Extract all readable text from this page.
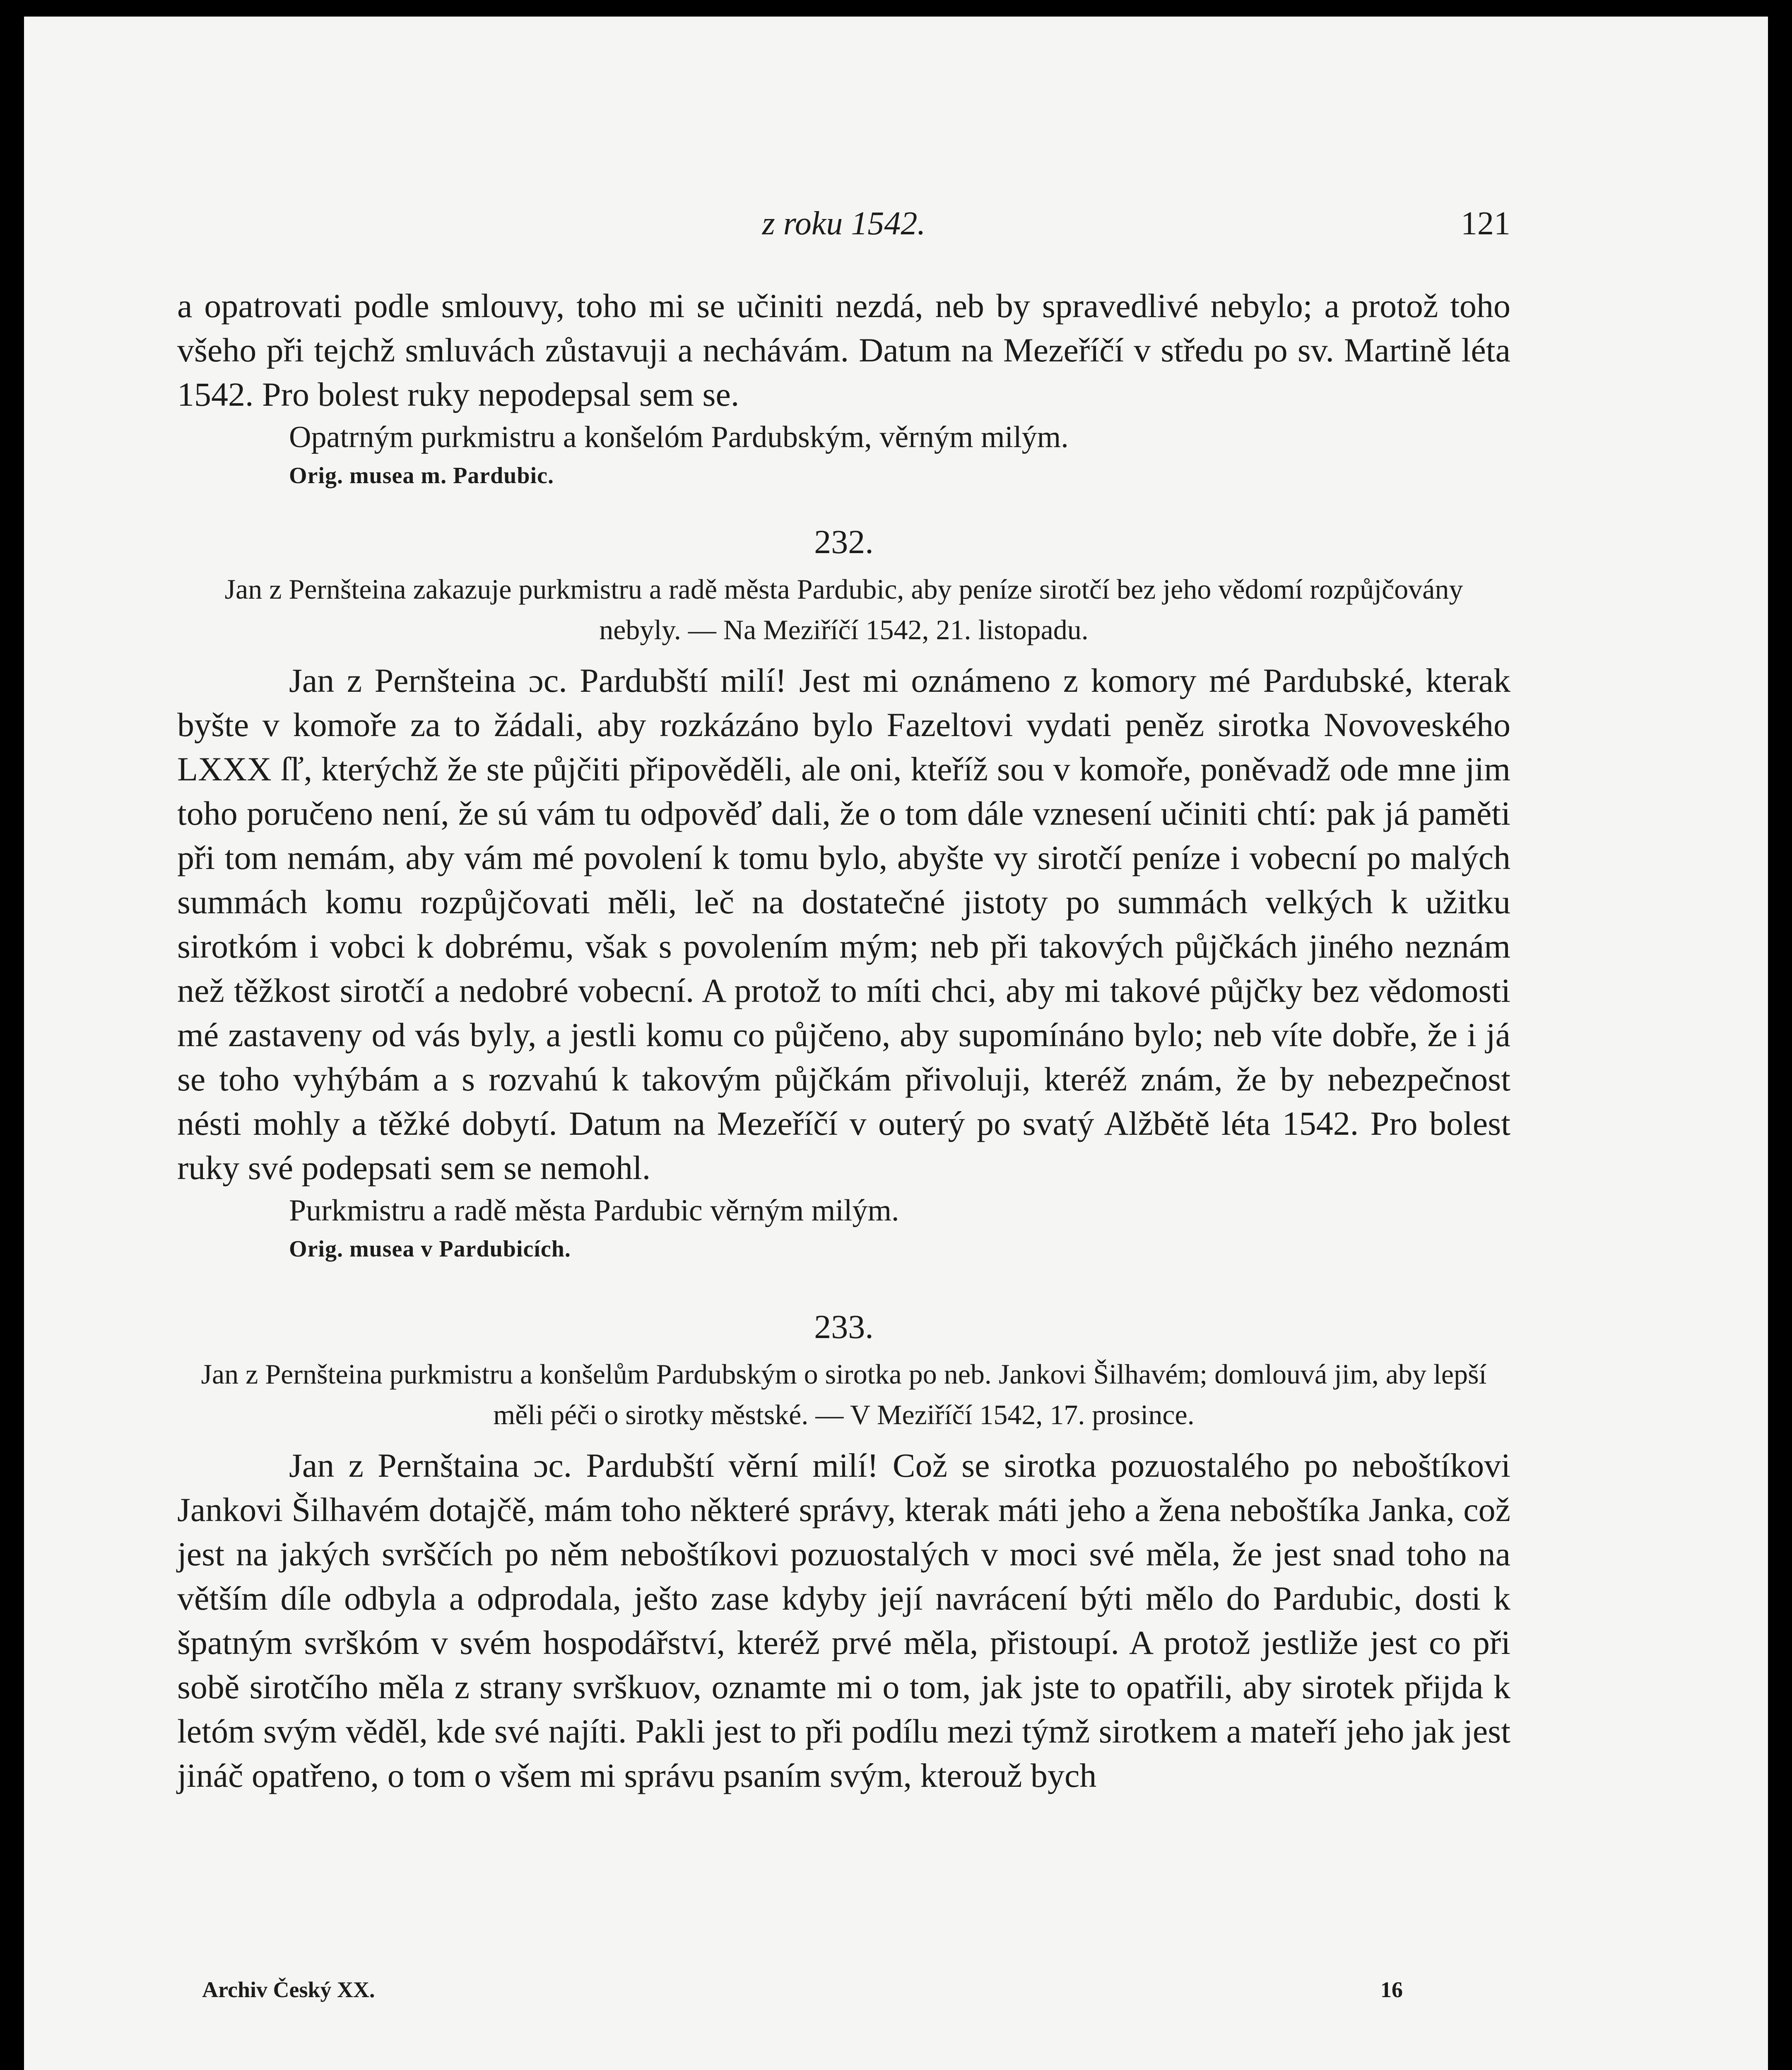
z roku 1542.	121

a opatrovati podle smlouvy, toho mi se učiniti nezdá, neb by spravedlivé nebylo; a protož toho všeho při tejchž smluvách zůstavuji a nechávám. Datum na Mezeříčí v středu po sv. Martině léta 1542. Pro bolest ruky nepodepsal sem se.

Opatrným purkmistru a konšelóm Pardubským, věrným milým.

Orig. musea m. Pardubic.

232.

Jan z Pernšteina zakazuje purkmistru a radě města Pardubic, aby peníze sirotčí bez jeho vědomí rozpůjčovány nebyly. — Na Meziříčí 1542, 21. listopadu.

Jan z Pernšteina ɔc. Pardubští milí! Jest mi oznámeno z komory mé Pardubské, kterak byšte v komoře za to žádali, aby rozkázáno bylo Fazeltovi vydati peněz sirotka Novoveského LXXX ſľ, kterýchž že ste půjčiti připověděli, ale oni, kteříž sou v komoře, poněvadž ode mne jim toho poručeno není, že sú vám tu odpověď dali, že o tom dále vznesení učiniti chtí: pak já paměti při tom nemám, aby vám mé povolení k tomu bylo, abyšte vy sirotčí peníze i vobecní po malých summách komu rozpůjčovati měli, leč na dostatečné jistoty po summách velkých k užitku sirotkóm i vobci k dobrému, však s povolením mým; neb při takových půjčkách jiného neznám než těžkost sirotčí a nedobré vobecní. A protož to míti chci, aby mi takové půjčky bez vědomosti mé zastaveny od vás byly, a jestli komu co půjčeno, aby supomínáno bylo; neb víte dobře, že i já se toho vyhýbám a s rozvahú k takovým půjčkám přivoluji, kteréž znám, že by nebezpečnost nésti mohly a těžké dobytí. Datum na Mezeříčí v outerý po svatý Alžbětě léta 1542. Pro bolest ruky své podepsati sem se nemohl.

Purkmistru a radě města Pardubic věrným milým.

Orig. musea v Pardubicích.

233.

Jan z Pernšteina purkmistru a konšelům Pardubským o sirotka po neb. Jankovi Šilhavém; domlouvá jim, aby lepší měli péči o sirotky městské. — V Meziříčí 1542, 17. prosince.

Jan z Pernštaina ɔc. Pardubští věrní milí! Což se sirotka pozuostalého po neboštíkovi Jankovi Šilhavém dotajčě, mám toho některé správy, kterak máti jeho a žena neboštíka Janka, což jest na jakých svrščích po něm neboštíkovi pozuostalých v moci své měla, že jest snad toho na větším díle odbyla a odprodala, ješto zase kdyby její navrácení býti mělo do Pardubic, dosti k špatným svrškóm v svém hospodářství, kteréž prvé měla, přistoupí. A protož jestliže jest co při sobě sirotčího měla z strany svrškuov, oznamte mi o tom, jak jste to opatřili, aby sirotek přijda k letóm svým věděl, kde své najíti. Pakli jest to při podílu mezi týmž sirotkem a mateří jeho jak jest jináč opatřeno, o tom o všem mi správu psaním svým, kterouž bych

Archiv Český XX.	16
